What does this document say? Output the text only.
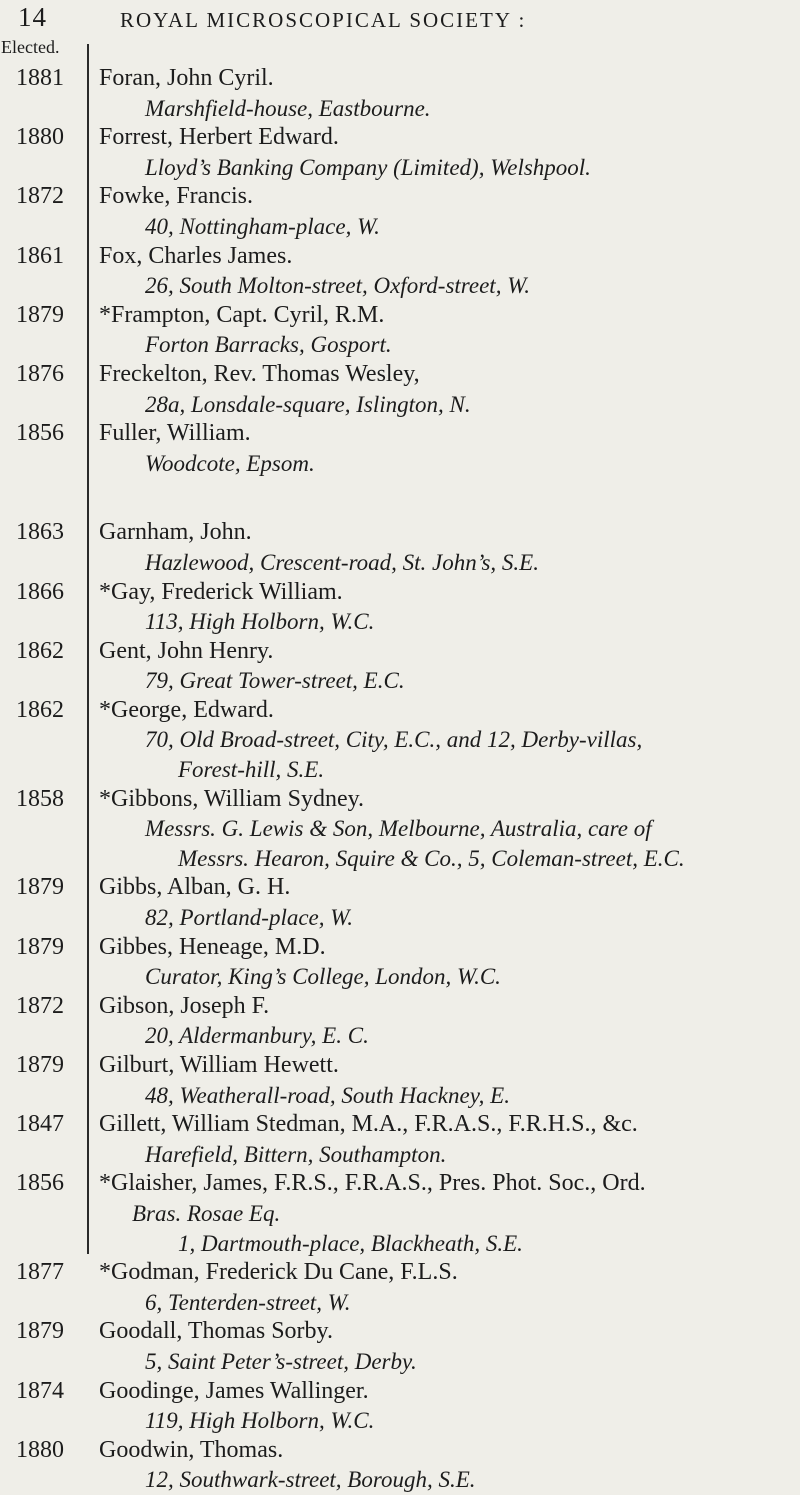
14	ROYAL MICROSCOPICAL SOCIETY :
Elected.
1881	Foran, John Cyril.
Marshfield-house, Eastbourne.
1880	Forrest, Herbert Edward.
Lloyd’s Banking Company (Limited), Welshpool.
1872	Fowke, Francis.
40, Nottingham-place, W.
1861	Fox, Charles James.
26, South Molton-street, Oxford-street, W.
1879	*Frampton, Capt. Cyril, R.M.
Forton Barracks, Gosport.
1876	Freckelton, Rev. Thomas Wesley,
28a, Lonsdale-square, Islington, N.
1856	Fuller, William.
Woodcote, Epsom.
1863	Garnham, John.
Hazlewood, Crescent-road, St. John’s, S.E.
1866	*Gay, Frederick William.
113, High Holborn, W.C.
1862	Gent, John Henry.
79, Great Tower-street, E.C.
1862	*George, Edward.
70, Old Broad-street, City, E.C., and 12, Derby-villas,
Forest-hill, S.E.
1858	*Gibbons, William Sydney.
Messrs. G. Lewis & Son, Melbourne, Australia, care of
Messrs. Hearon, Squire & Co., 5, Coleman-street, E.C.
1879	Gibbs, Alban, G. H.
82, Portland-place, W.
1879	Gibbes, Heneage, M.D.
Curator, King’s College, London, W.C.
1872	Gibson, Joseph F.
20, Aldermanbury, E. C.
1879	Gilburt, William Hewett.
48, Weatherall-road, South Hackney, E.
1847	Gillett, William Stedman, M.A., F.R.A.S., F.R.H.S., &c.
Harefield, Bittern, Southampton.
1856	*Glaisher, James, F.R.S., F.R.A.S., Pres. Phot. Soc., Ord.
Bras. Rosae Eq.
1, Dartmouth-place, Blackheath, S.E.
1877	*Godman, Frederick Du Cane, F.L.S.
6, Tenterden-street, W.
1879	Goodall, Thomas Sorby.
5, Saint Peter’s-street, Derby.
1874	Goodinge, James Wallinger.
119, High Holborn, W.C.
1880	Goodwin, Thomas.
12, Southwark-street, Borough, S.E.
